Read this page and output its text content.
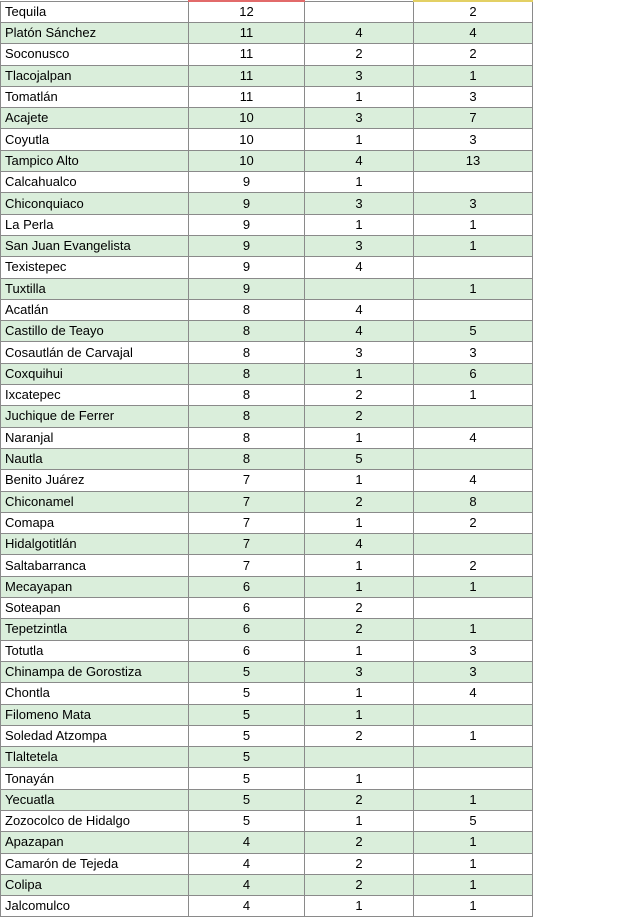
Tequila	12		2
Platón Sánchez	11	4	4
Soconusco	11	2	2
Tlacojalpan	11	3	1
Tomatlán	11	1	3
Acajete	10	3	7
Coyutla	10	1	3
Tampico Alto	10	4	13
Calcahualco	9	1	
Chiconquiaco	9	3	3
La Perla	9	1	1
San Juan Evangelista	9	3	1
Texistepec	9	4	
Tuxtilla	9		1
Acatlán	8	4	
Castillo de Teayo	8	4	5
Cosautlán de Carvajal	8	3	3
Coxquihui	8	1	6
Ixcatepec	8	2	1
Juchique de Ferrer	8	2	
Naranjal	8	1	4
Nautla	8	5	
Benito Juárez	7	1	4
Chiconamel	7	2	8
Comapa	7	1	2
Hidalgotitlán	7	4	
Saltabarranca	7	1	2
Mecayapan	6	1	1
Soteapan	6	2	
Tepetzintla	6	2	1
Totutla	6	1	3
Chinampa de Gorostiza	5	3	3
Chontla	5	1	4
Filomeno Mata	5	1	
Soledad Atzompa	5	2	1
Tlaltetela	5		
Tonayán	5	1	
Yecuatla	5	2	1
Zozocolco de Hidalgo	5	1	5
Apazapan	4	2	1
Camarón de Tejeda	4	2	1
Colipa	4	2	1
Jalcomulco	4	1	1
